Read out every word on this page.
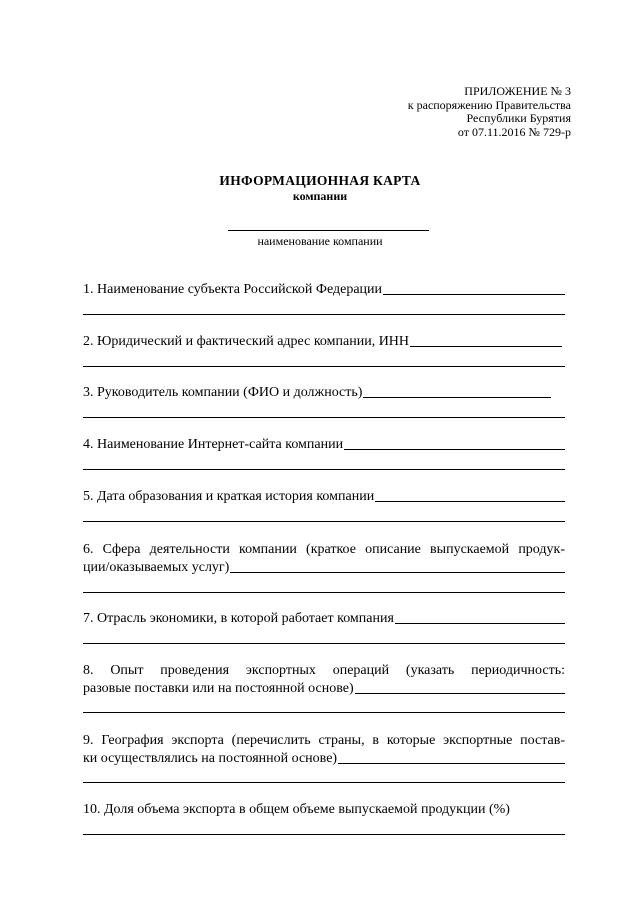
ПРИЛОЖЕНИЕ № 3
к распоряжению Правительства
Республики Бурятия
от 07.11.2016 № 729-р
ИНФОРМАЦИОННАЯ КАРТА
компании
наименование компании
1. Наименование субъекта Российской Федерации
2. Юридический и фактический адрес компании, ИНН
3. Руководитель компании (ФИО и должность)
4. Наименование Интернет-сайта компании
5. Дата образования и краткая история компании
6. Сфера деятельности компании (краткое описание выпускаемой продук-
ции/оказываемых услуг)
7. Отрасль экономики, в которой работает компания
8. Опыт проведения экспортных операций (указать периодичность:
разовые поставки или на постоянной основе)
9. География экспорта (перечислить страны, в которые экспортные постав-
ки осуществлялись на постоянной основе)
10. Доля объема экспорта в общем объеме выпускаемой продукции (%)
